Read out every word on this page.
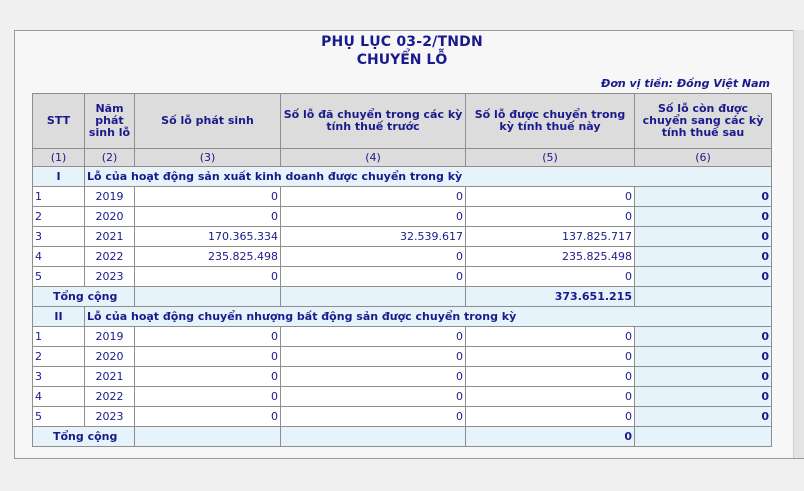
PHỤ LỤC 03-2/TNDN
CHUYỂN LỖ
Đơn vị tiền: Đồng Việt Nam
STT	Năm phát sinh lỗ	Số lỗ phát sinh	Số lỗ đã chuyển trong các kỳ tính thuế trước	Số lỗ được chuyển trong kỳ tính thuế này	Số lỗ còn được chuyển sang các kỳ tính thuế sau
(1)	(2)	(3)	(4)	(5)	(6)
I	Lỗ của hoạt động sản xuất kinh doanh được chuyển trong kỳ				
1	2019	0	0	0	0
2	2020	0	0	0	0
3	2021	170.365.334	32.539.617	137.825.717	0
4	2022	235.825.498	0	235.825.498	0
5	2023	0	0	0	0
Tổng cộng				373.651.215	
II	Lỗ của hoạt động chuyển nhượng bất động sản được chuyển trong kỳ				
1	2019	0	0	0	0
2	2020	0	0	0	0
3	2021	0	0	0	0
4	2022	0	0	0	0
5	2023	0	0	0	0
Tổng cộng				0	
